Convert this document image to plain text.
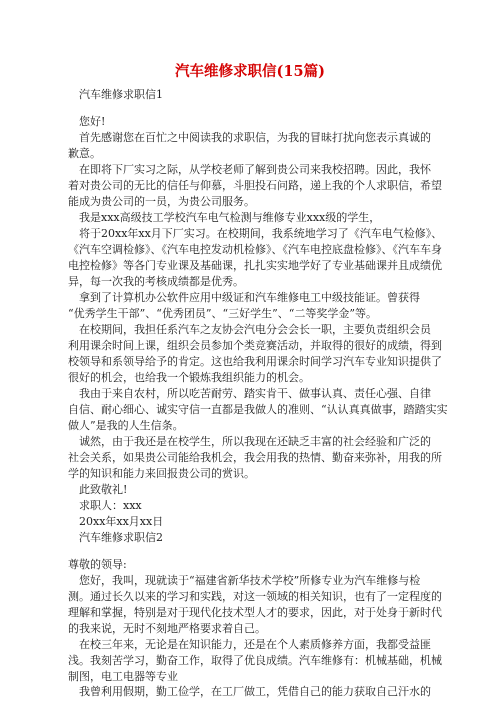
汽车维修求职信(15篇)
汽车维修求职信1
您好!
首先感谢您在百忙之中阅读我的求职信，为我的冒昧打扰向您表示真诚的
歉意。
在即将下厂实习之际，从学校老师了解到贵公司来我校招聘。因此，我怀
着对贵公司的无比的信任与仰慕，斗胆投石问路，递上我的个人求职信，希望
能成为贵公司的一员，为贵公司服务。
我是xxx高级技工学校汽车电气检测与维修专业xxx级的学生，
将于20xx年xx月下厂实习。在校期间，我系统地学习了《汽车电气检修》、
《汽车空调检修》、《汽车电控发动机检修》、《汽车电控底盘检修》、《汽车车身
电控检修》等各门专业课及基础课，扎扎实实地学好了专业基础课并且成绩优
异，每一次我的考核成绩都是优秀。
拿到了计算机办公软件应用中级证和汽车维修电工中级技能证。曾获得
“优秀学生干部”、“优秀团员”、“三好学生”、“二等奖学金”等。
在校期间，我担任系汽车之友协会汽电分会会长一职，主要负责组织会员
利用课余时间上课，组织会员参加个类竞赛活动，并取得的很好的成绩，得到
校领导和系领导给予的肯定。这也给我利用课余时间学习汽车专业知识提供了
很好的机会，也给我一个锻炼我组织能力的机会。
我由于来自农村，所以吃苦耐劳、踏实肯干、做事认真、责任心强、自律
自信、耐心细心、诚实守信一直都是我做人的准则、“认认真真做事，踏踏实实
做人”是我的人生信条。
诚然，由于我还是在校学生，所以我现在还缺乏丰富的社会经验和广泛的
社会关系，如果贵公司能给我机会，我会用我的热情、勤奋来弥补，用我的所
学的知识和能力来回报贵公司的赏识。
此致敬礼!
求职人：xxx
20xx年xx月xx日
汽车维修求职信2
尊敬的领导:
您好，我叫，现就读于“福建省新华技术学校”所修专业为汽车维修与检
测。通过长久以来的学习和实践，对这一领域的相关知识，也有了一定程度的
理解和掌握，特别是对于现代化技术型人才的要求，因此，对于处身于新时代
的我来说，无时不刻地严格要求着自己。
在校三年来，无论是在知识能力，还是在个人素质修养方面，我都受益匪
浅。我刻苦学习，勤奋工作，取得了优良成绩。汽车维修有：机械基础，机械
制图，电工电器等专业
我曾利用假期，勤工俭学，在工厂做工，凭借自己的能力获取自己汗水的
